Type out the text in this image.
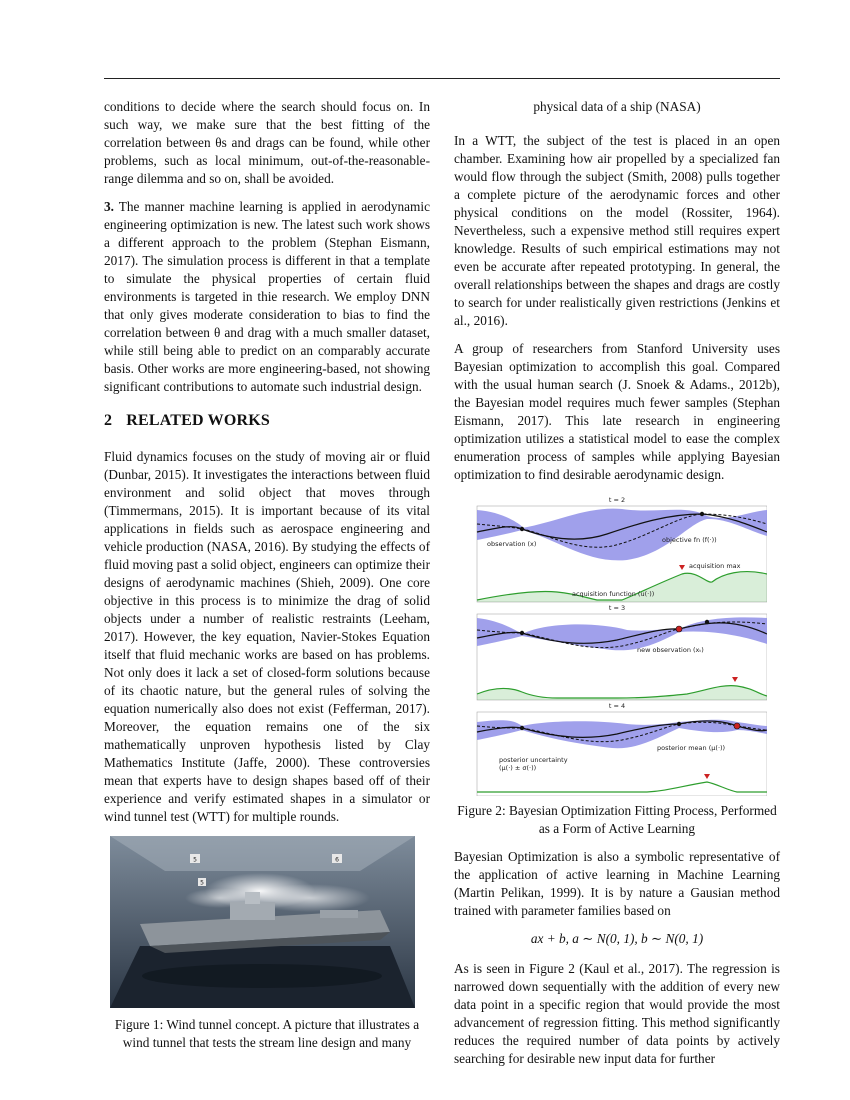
conditions to decide where the search should focus on. In such way, we make sure that the best fitting of the correlation between θs and drags can be found, while other problems, such as local minimum, out-of-the-reasonable-range dilemma and so on, shall be avoided.

3. The manner machine learning is applied in aerodynamic engineering optimization is new. The latest such work shows a different approach to the problem (Stephan Eismann, 2017). The simulation process is different in that a template to simulate the physical properties of certain fluid environments is targeted in thie research. We employ DNN that only gives moderate consideration to bias to find the correlation between θ and drag with a much smaller dataset, while still being able to predict on an comparably accurate basis. Other works are more engineering-based, not showing significant contributions to automate such industrial design.

2 RELATED WORKS

Fluid dynamics focuses on the study of moving air or fluid (Dunbar, 2015). It investigates the interactions between fluid environment and solid object that moves through (Timmermans, 2015). It is important because of its vital applications in fields such as aerospace engineering and vehicle production (NASA, 2016). By studying the effects of fluid moving past a solid object, engineers can optimize their designs of aerodynamic machines (Shieh, 2009). One core objective in this process is to minimize the drag of solid objects under a number of realistic restraints (Leeham, 2017). However, the key equation, Navier-Stokes Equation itself that fluid mechanic works are based on has problems. Not only does it lack a set of closed-form solutions because of its chaotic nature, but the general rules of solving the equation numerically also does not exist (Fefferman, 2017). Moreover, the equation remains one of the six mathematically unproven hypothesis listed by Clay Mathematics Institute (Jaffe, 2000). These controversies mean that experts have to design shapes based off of their experience and verify estimated shapes in a simulator or wind tunnel test (WTT) for multiple rounds.

5	6
5

Figure 1: Wind tunnel concept. A picture that illustrates a wind tunnel that tests the stream line design and many

physical data of a ship (NASA)

In a WTT, the subject of the test is placed in an open chamber. Examining how air propelled by a specialized fan would flow through the subject (Smith, 2008) pulls together a complete picture of the aerodynamic forces and other physical conditions on the model (Rossiter, 1964). Nevertheless, such a expensive method still requires expert knowledge. Results of such empirical estimations may not even be accurate after repeated prototyping. In general, the overall relationships between the shapes and drags are costly to search for under realistically given restrictions (Jenkins et al., 2016).

A group of researchers from Stanford University uses Bayesian optimization to accomplish this goal. Compared with the usual human search (J. Snoek & Adams., 2012b), the Bayesian model requires much fewer samples (Stephan Eismann, 2017). This late research in engineering optimization utilizes a statistical model to ease the complex enumeration process of samples while applying Bayesian optimization to find desirable aerodynamic design.

t = 2
observation (x)	objective fn (f(·))
acquisition max
acquisition function (u(·))
t = 3
new observation (xₜ)
t = 4
posterior mean (μ(·))
posterior uncertainty
(μ(·) ± σ(·))

Figure 2: Bayesian Optimization Fitting Process, Performed as a Form of Active Learning

Bayesian Optimization is also a symbolic representative of the application of active learning in Machine Learning (Martin Pelikan, 1999). It is by nature a Gausian method trained with parameter families based on

ax + b, a ∼ N(0, 1), b ∼ N(0, 1)

As is seen in Figure 2 (Kaul et al., 2017). The regression is narrowed down sequentially with the addition of every new data point in a specific region that would provide the most advancement of regression fitting. This method significantly reduces the required number of data points by actively searching for desirable new input data for further
